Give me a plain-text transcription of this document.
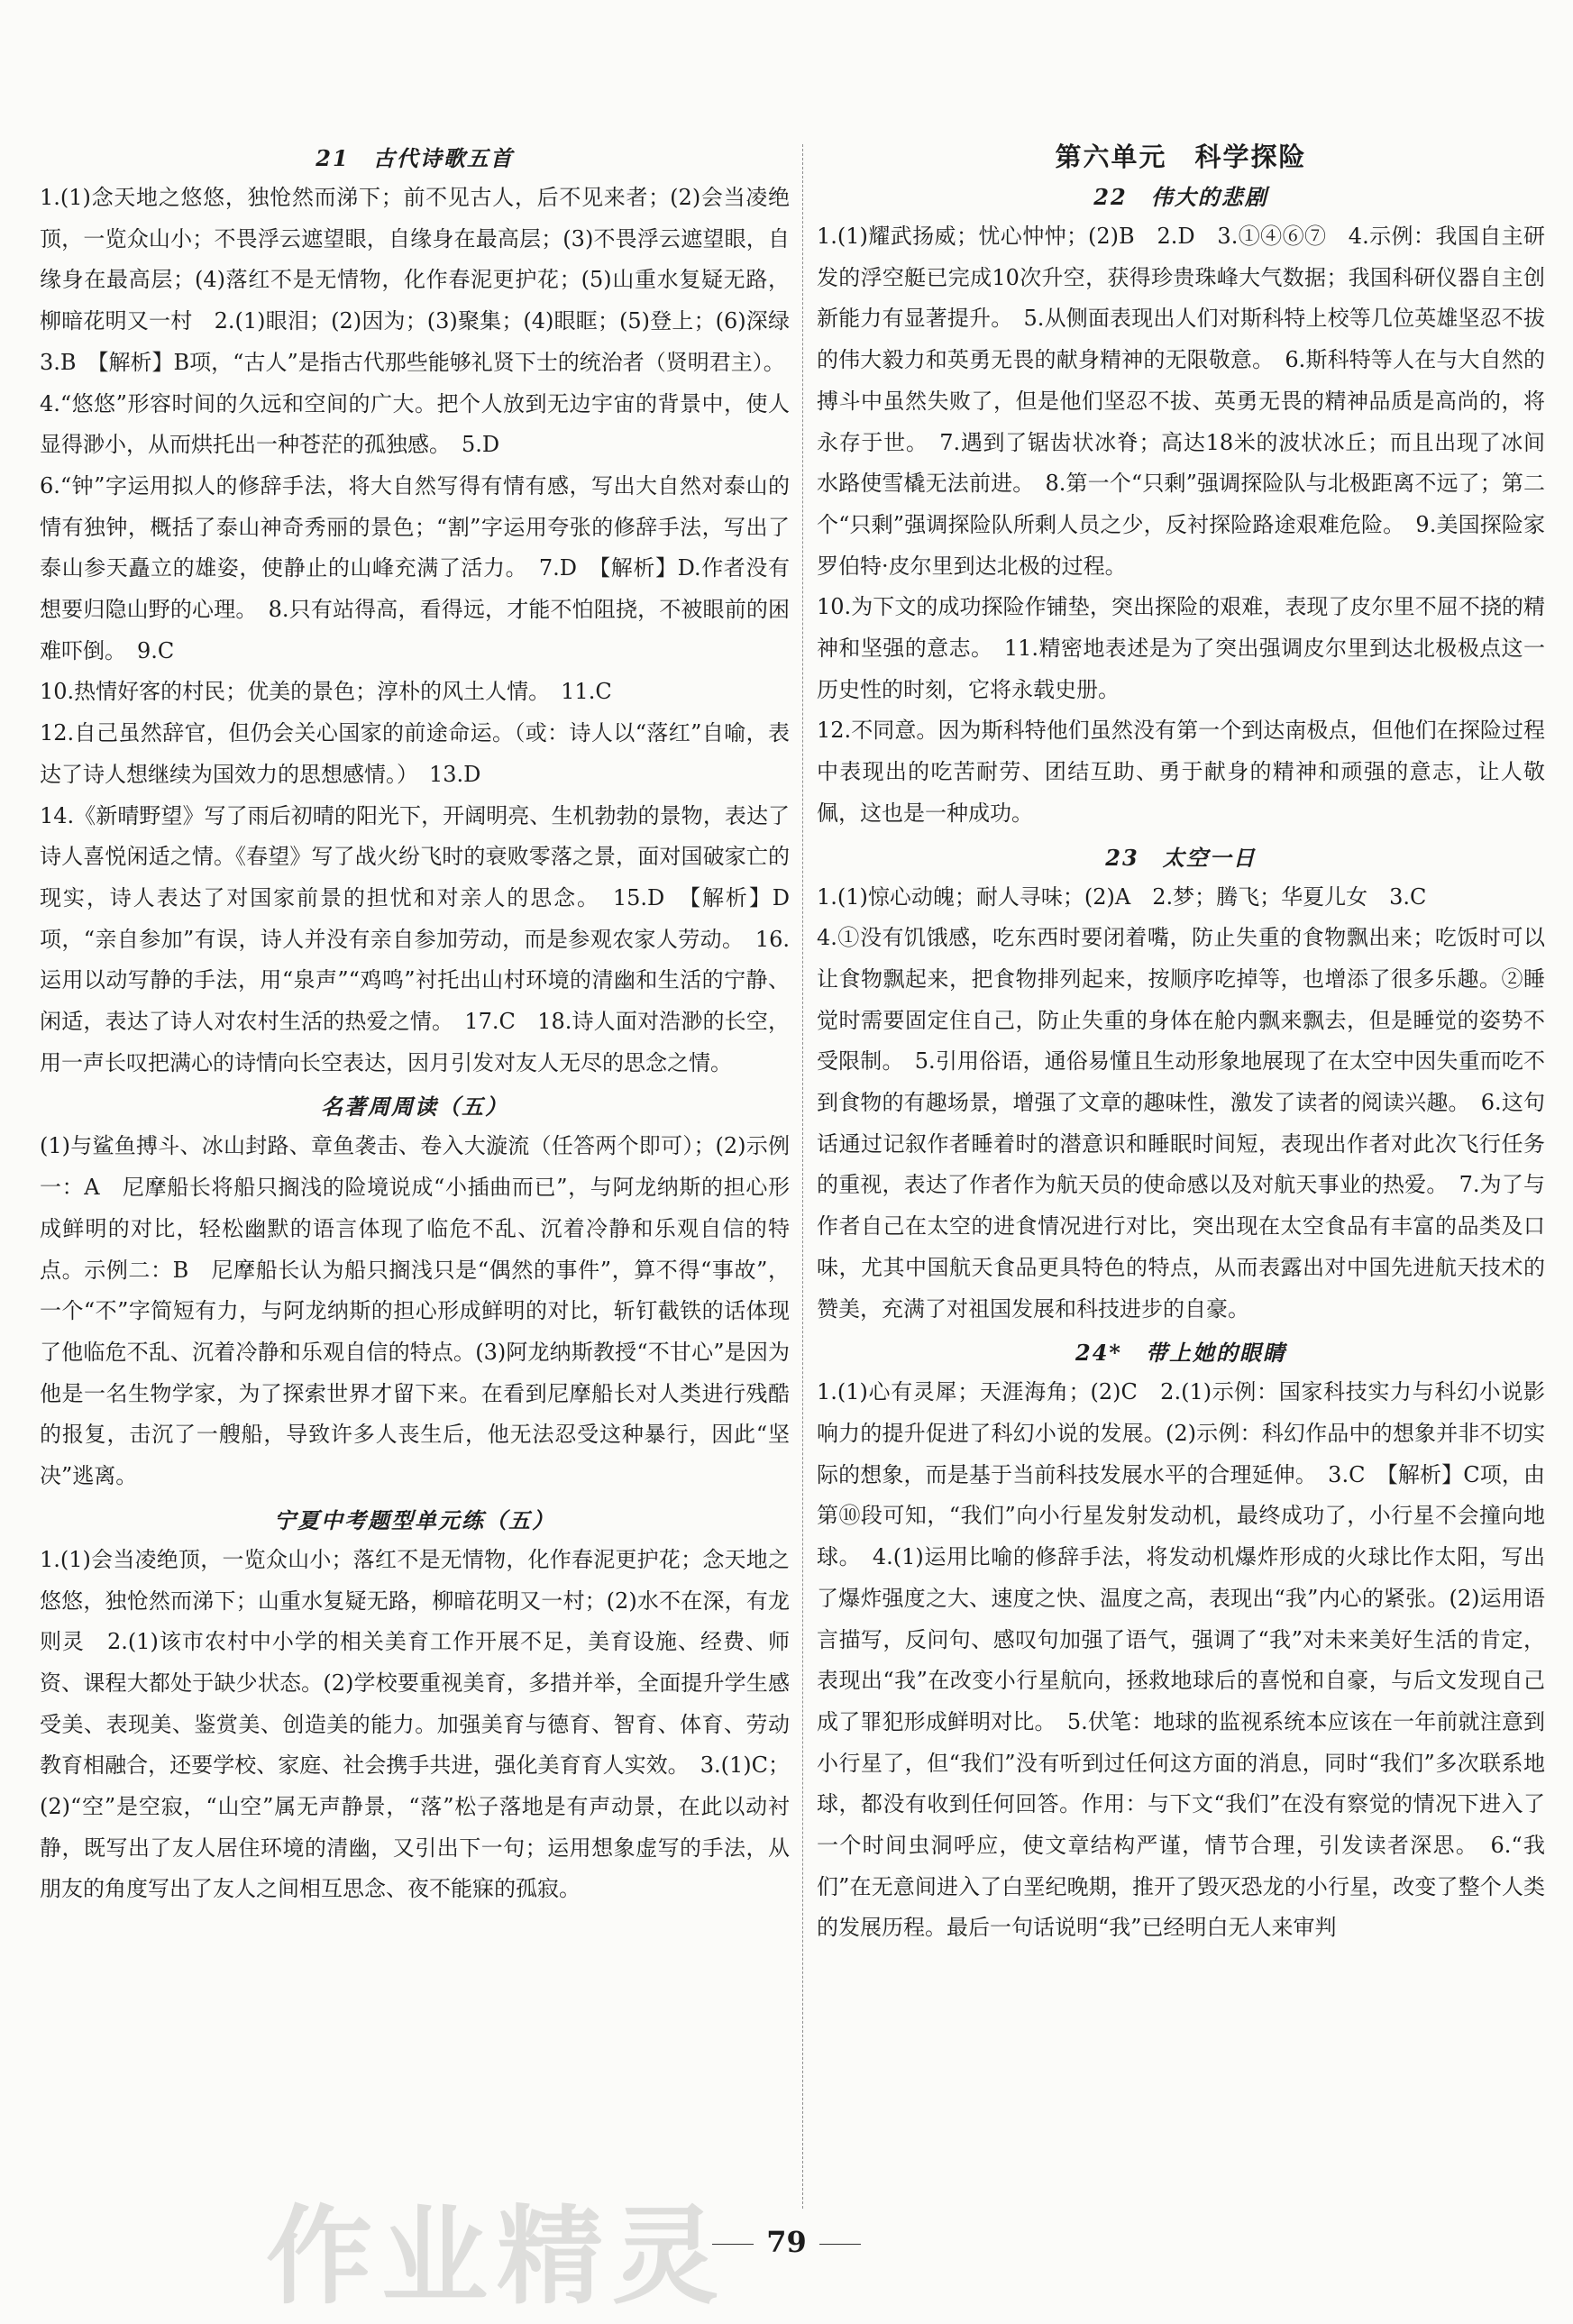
21　古代诗歌五首

1.(1)念天地之悠悠，独怆然而涕下；前不见古人，后不见来者；(2)会当凌绝顶，一览众山小；不畏浮云遮望眼，自缘身在最高层；(3)不畏浮云遮望眼，自缘身在最高层；(4)落红不是无情物，化作春泥更护花；(5)山重水复疑无路，柳暗花明又一村　2.(1)眼泪；(2)因为；(3)聚集；(4)眼眶；(5)登上；(6)深绿　3.B　【解析】B项，“古人”是指古代那些能够礼贤下士的统治者（贤明君主）。

4.“悠悠”形容时间的久远和空间的广大。把个人放到无边宇宙的背景中，使人显得渺小，从而烘托出一种苍茫的孤独感。　5.D

6.“钟”字运用拟人的修辞手法，将大自然写得有情有感，写出大自然对泰山的情有独钟，概括了泰山神奇秀丽的景色；“割”字运用夸张的修辞手法，写出了泰山参天矗立的雄姿，使静止的山峰充满了活力。　7.D　【解析】D.作者没有想要归隐山野的心理。　8.只有站得高，看得远，才能不怕阻挠，不被眼前的困难吓倒。　9.C

10.热情好客的村民；优美的景色；淳朴的风土人情。　11.C

12.自己虽然辞官，但仍会关心国家的前途命运。（或：诗人以“落红”自喻，表达了诗人想继续为国效力的思想感情。）　13.D

14.《新晴野望》写了雨后初晴的阳光下，开阔明亮、生机勃勃的景物，表达了诗人喜悦闲适之情。《春望》写了战火纷飞时的衰败零落之景，面对国破家亡的现实，诗人表达了对国家前景的担忧和对亲人的思念。　15.D　【解析】D项，“亲自参加”有误，诗人并没有亲自参加劳动，而是参观农家人劳动。　16.运用以动写静的手法，用“泉声”“鸡鸣”衬托出山村环境的清幽和生活的宁静、闲适，表达了诗人对农村生活的热爱之情。　17.C　18.诗人面对浩渺的长空，用一声长叹把满心的诗情向长空表达，因月引发对友人无尽的思念之情。

名著周周读（五）

(1)与鲨鱼搏斗、冰山封路、章鱼袭击、卷入大漩流（任答两个即可）；(2)示例一：A　尼摩船长将船只搁浅的险境说成“小插曲而已”，与阿龙纳斯的担心形成鲜明的对比，轻松幽默的语言体现了临危不乱、沉着冷静和乐观自信的特点。示例二：B　尼摩船长认为船只搁浅只是“偶然的事件”，算不得“事故”，一个“不”字简短有力，与阿龙纳斯的担心形成鲜明的对比，斩钉截铁的话体现了他临危不乱、沉着冷静和乐观自信的特点。(3)阿龙纳斯教授“不甘心”是因为他是一名生物学家，为了探索世界才留下来。在看到尼摩船长对人类进行残酷的报复，击沉了一艘船，导致许多人丧生后，他无法忍受这种暴行，因此“坚决”逃离。

宁夏中考题型单元练（五）

1.(1)会当凌绝顶，一览众山小；落红不是无情物，化作春泥更护花；念天地之悠悠，独怆然而涕下；山重水复疑无路，柳暗花明又一村；(2)水不在深，有龙则灵　2.(1)该市农村中小学的相关美育工作开展不足，美育设施、经费、师资、课程大都处于缺少状态。(2)学校要重视美育，多措并举，全面提升学生感受美、表现美、鉴赏美、创造美的能力。加强美育与德育、智育、体育、劳动教育相融合，还要学校、家庭、社会携手共进，强化美育育人实效。　3.(1)C；(2)“空”是空寂，“山空”属无声静景，“落”松子落地是有声动景，在此以动衬静，既写出了友人居住环境的清幽，又引出下一句；运用想象虚写的手法，从朋友的角度写出了友人之间相互思念、夜不能寐的孤寂。

第六单元　科学探险
22　伟大的悲剧

1.(1)耀武扬威；忧心忡忡；(2)B　2.D　3.①④⑥⑦　4.示例：我国自主研发的浮空艇已完成10次升空，获得珍贵珠峰大气数据；我国科研仪器自主创新能力有显著提升。　5.从侧面表现出人们对斯科特上校等几位英雄坚忍不拔的伟大毅力和英勇无畏的献身精神的无限敬意。　6.斯科特等人在与大自然的搏斗中虽然失败了，但是他们坚忍不拔、英勇无畏的精神品质是高尚的，将永存于世。　7.遇到了锯齿状冰脊；高达18米的波状冰丘；而且出现了冰间水路使雪橇无法前进。　8.第一个“只剩”强调探险队与北极距离不远了；第二个“只剩”强调探险队所剩人员之少，反衬探险路途艰难危险。　9.美国探险家罗伯特·皮尔里到达北极的过程。

10.为下文的成功探险作铺垫，突出探险的艰难，表现了皮尔里不屈不挠的精神和坚强的意志。　11.精密地表述是为了突出强调皮尔里到达北极极点这一历史性的时刻，它将永载史册。

12.不同意。因为斯科特他们虽然没有第一个到达南极点，但他们在探险过程中表现出的吃苦耐劳、团结互助、勇于献身的精神和顽强的意志，让人敬佩，这也是一种成功。

23　太空一日

1.(1)惊心动魄；耐人寻味；(2)A　2.梦；腾飞；华夏儿女　3.C

4.①没有饥饿感，吃东西时要闭着嘴，防止失重的食物飘出来；吃饭时可以让食物飘起来，把食物排列起来，按顺序吃掉等，也增添了很多乐趣。②睡觉时需要固定住自己，防止失重的身体在舱内飘来飘去，但是睡觉的姿势不受限制。　5.引用俗语，通俗易懂且生动形象地展现了在太空中因失重而吃不到食物的有趣场景，增强了文章的趣味性，激发了读者的阅读兴趣。　6.这句话通过记叙作者睡着时的潜意识和睡眠时间短，表现出作者对此次飞行任务的重视，表达了作者作为航天员的使命感以及对航天事业的热爱。　7.为了与作者自己在太空的进食情况进行对比，突出现在太空食品有丰富的品类及口味，尤其中国航天食品更具特色的特点，从而表露出对中国先进航天技术的赞美，充满了对祖国发展和科技进步的自豪。

24*　带上她的眼睛

1.(1)心有灵犀；天涯海角；(2)C　2.(1)示例：国家科技实力与科幻小说影响力的提升促进了科幻小说的发展。(2)示例：科幻作品中的想象并非不切实际的想象，而是基于当前科技发展水平的合理延伸。　3.C　【解析】C项，由第⑩段可知，“我们”向小行星发射发动机，最终成功了，小行星不会撞向地球。　4.(1)运用比喻的修辞手法，将发动机爆炸形成的火球比作太阳，写出了爆炸强度之大、速度之快、温度之高，表现出“我”内心的紧张。(2)运用语言描写，反问句、感叹句加强了语气，强调了“我”对未来美好生活的肯定，表现出“我”在改变小行星航向，拯救地球后的喜悦和自豪，与后文发现自己成了罪犯形成鲜明对比。　5.伏笔：地球的监视系统本应该在一年前就注意到小行星了，但“我们”没有听到过任何这方面的消息，同时“我们”多次联系地球，都没有收到任何回答。作用：与下文“我们”在没有察觉的情况下进入了一个时间虫洞呼应，使文章结构严谨，情节合理，引发读者深思。　6.“我们”在无意间进入了白垩纪晚期，推开了毁灭恐龙的小行星，改变了整个人类的发展历程。最后一句话说明“我”已经明白无人来审判

79
作业精灵
